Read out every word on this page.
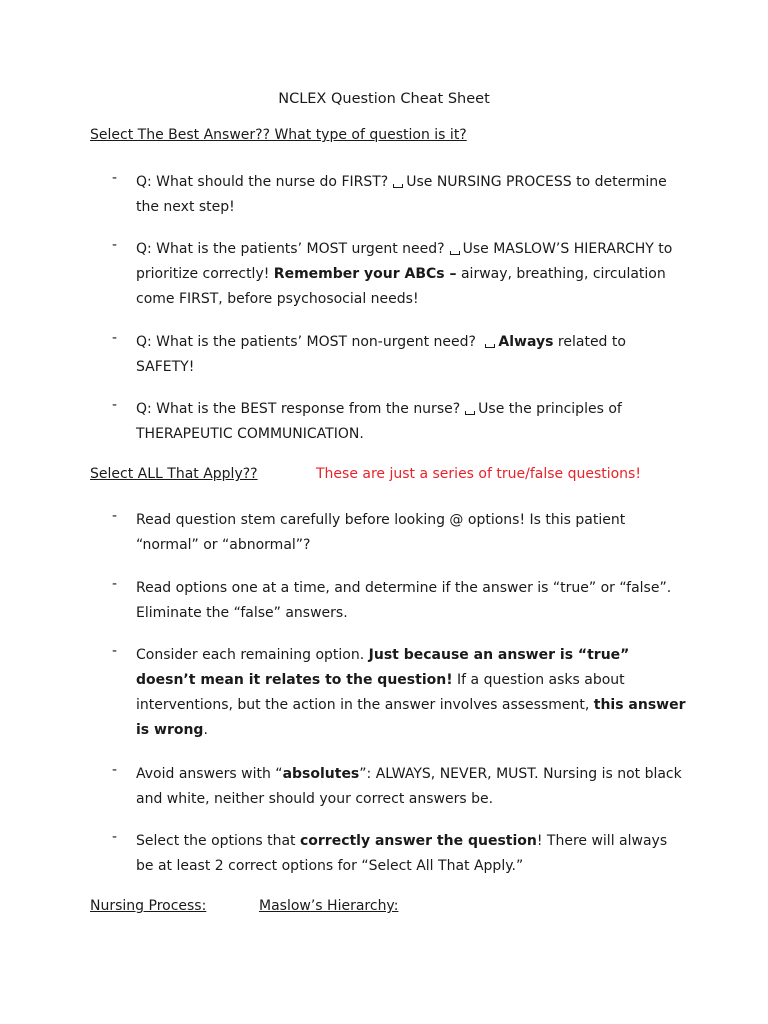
NCLEX Question Cheat Sheet
Select The Best Answer?? What type of question is it?
- Q: What should the nurse do FIRST? Use NURSING PROCESS to determine
the next step!
- Q: What is the patients’ MOST urgent need? Use MASLOW’S HIERARCHY to
prioritize correctly! Remember your ABCs – airway, breathing, circulation
come FIRST, before psychosocial needs!
- Q: What is the patients’ MOST non-urgent need? Always related to
SAFETY!
- Q: What is the BEST response from the nurse? Use the principles of
THERAPEUTIC COMMUNICATION.
Select ALL That Apply??	These are just a series of true/false questions!
- Read question stem carefully before looking @ options! Is this patient
“normal” or “abnormal”?
- Read options one at a time, and determine if the answer is “true” or “false”.
Eliminate the “false” answers.
- Consider each remaining option. Just because an answer is “true”
doesn’t mean it relates to the question! If a question asks about
interventions, but the action in the answer involves assessment, this answer
is wrong.
- Avoid answers with “absolutes”: ALWAYS, NEVER, MUST. Nursing is not black
and white, neither should your correct answers be.
- Select the options that correctly answer the question! There will always
be at least 2 correct options for “Select All That Apply.”
Nursing Process:	Maslow’s Hierarchy:
